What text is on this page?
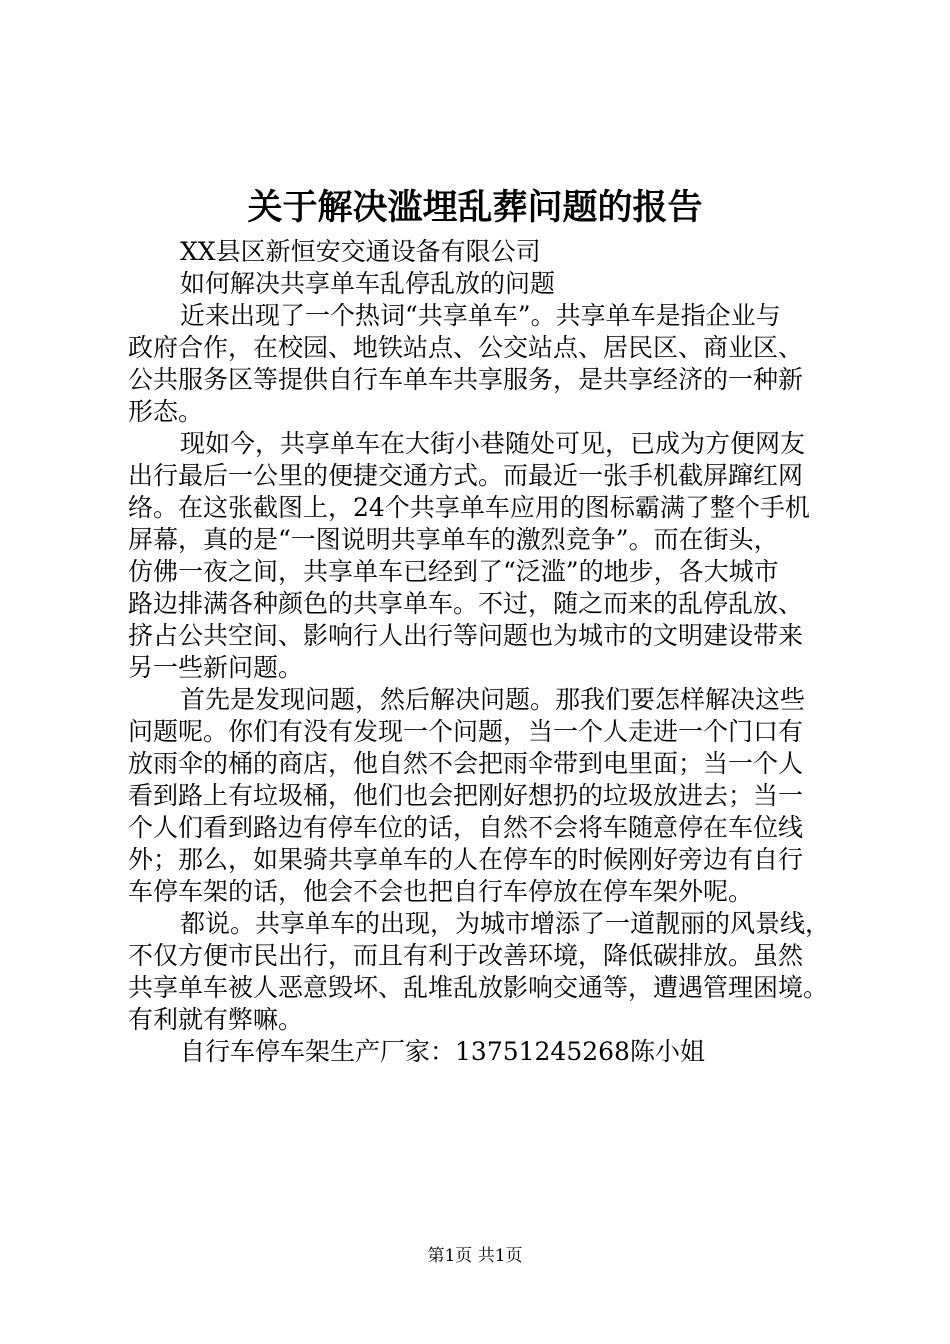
关于解决滥埋乱葬问题的报告
XX县区新恒安交通设备有限公司
如何解决共享单车乱停乱放的问题
近来出现了一个热词“共享单车”。共享单车是指企业与
政府合作，在校园、地铁站点、公交站点、居民区、商业区、
公共服务区等提供自行车单车共享服务，是共享经济的一种新
形态。
现如今，共享单车在大街小巷随处可见，已成为方便网友
出行最后一公里的便捷交通方式。而最近一张手机截屏蹿红网
络。在这张截图上，24个共享单车应用的图标霸满了整个手机
屏幕，真的是“一图说明共享单车的激烈竞争”。而在街头，
仿佛一夜之间，共享单车已经到了“泛滥”的地步，各大城市
路边排满各种颜色的共享单车。不过，随之而来的乱停乱放、
挤占公共空间、影响行人出行等问题也为城市的文明建设带来
另一些新问题。
首先是发现问题，然后解决问题。那我们要怎样解决这些
问题呢。你们有没有发现一个问题，当一个人走进一个门口有
放雨伞的桶的商店，他自然不会把雨伞带到电里面；当一个人
看到路上有垃圾桶，他们也会把刚好想扔的垃圾放进去；当一
个人们看到路边有停车位的话，自然不会将车随意停在车位线
外；那么，如果骑共享单车的人在停车的时候刚好旁边有自行
车停车架的话，他会不会也把自行车停放在停车架外呢。
都说。共享单车的出现，为城市增添了一道靓丽的风景线，
不仅方便市民出行，而且有利于改善环境，降低碳排放。虽然
共享单车被人恶意毁坏、乱堆乱放影响交通等，遭遇管理困境。
有利就有弊嘛。
自行车停车架生产厂家：13751245268陈小姐
第1页 共1页
